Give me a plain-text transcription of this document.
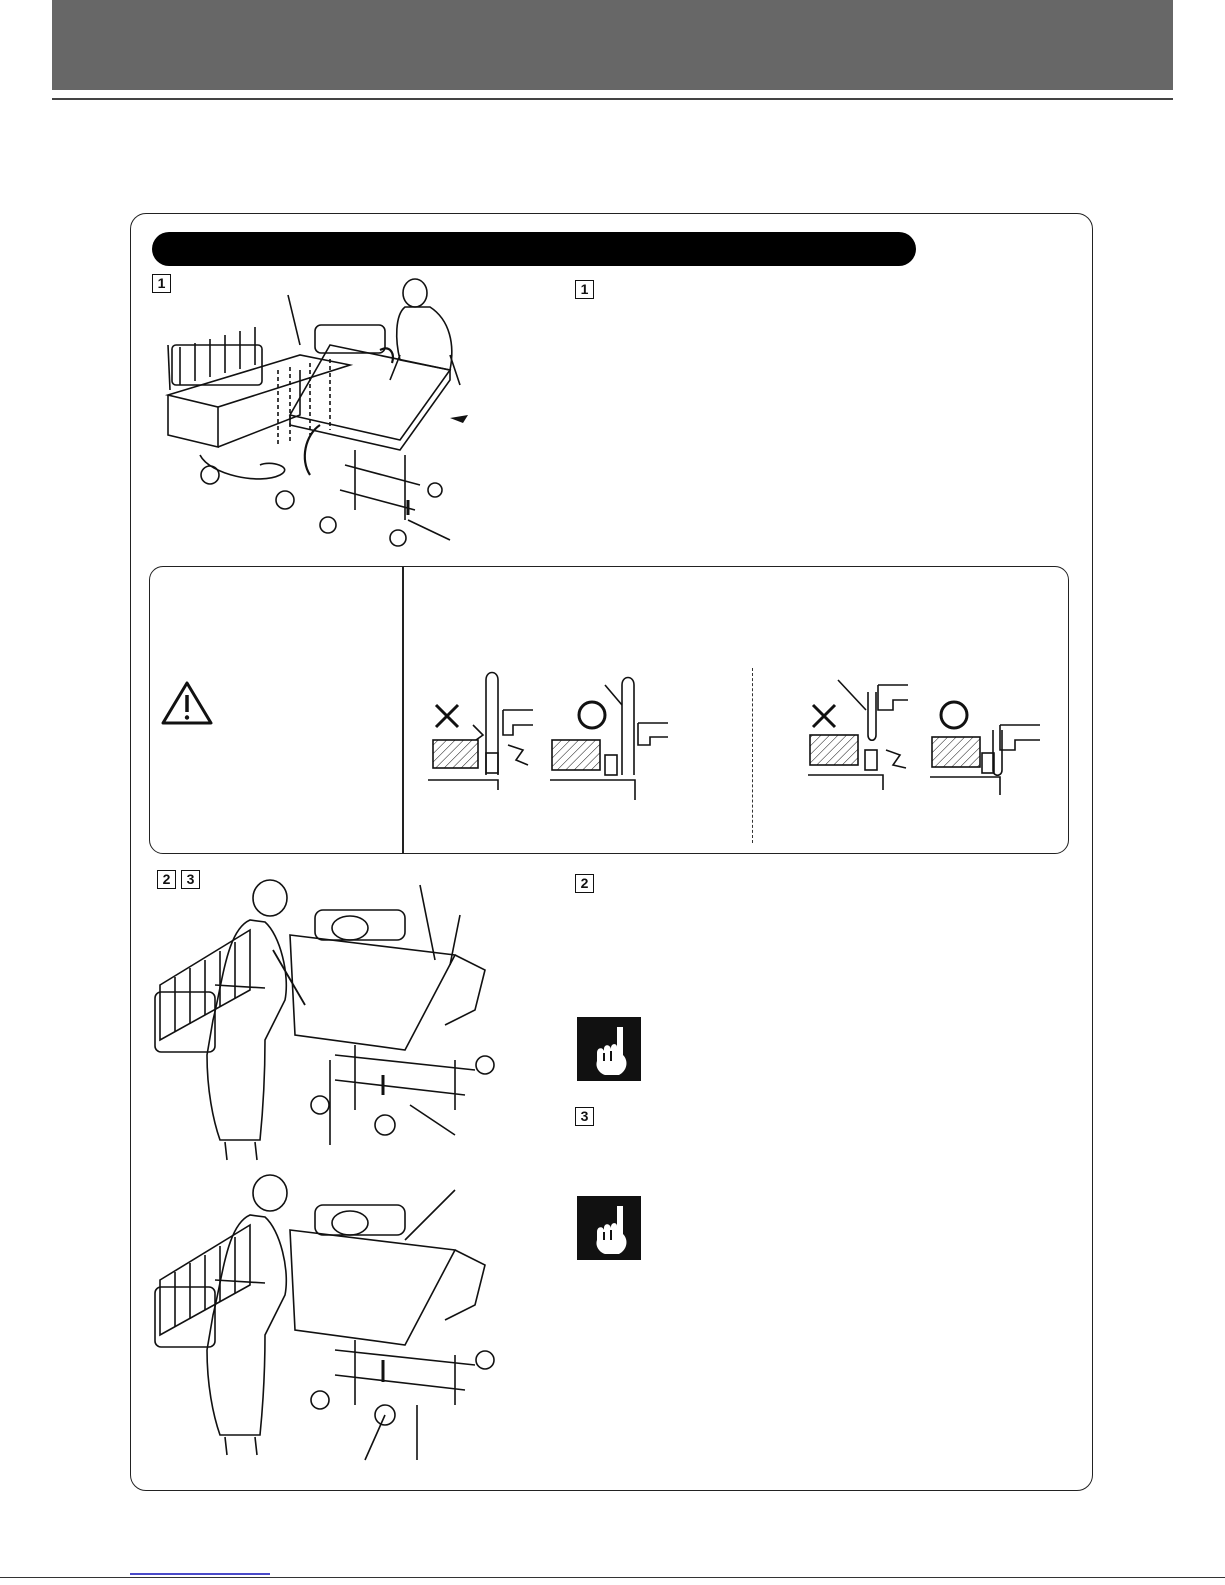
1	1
2	3	2
3
